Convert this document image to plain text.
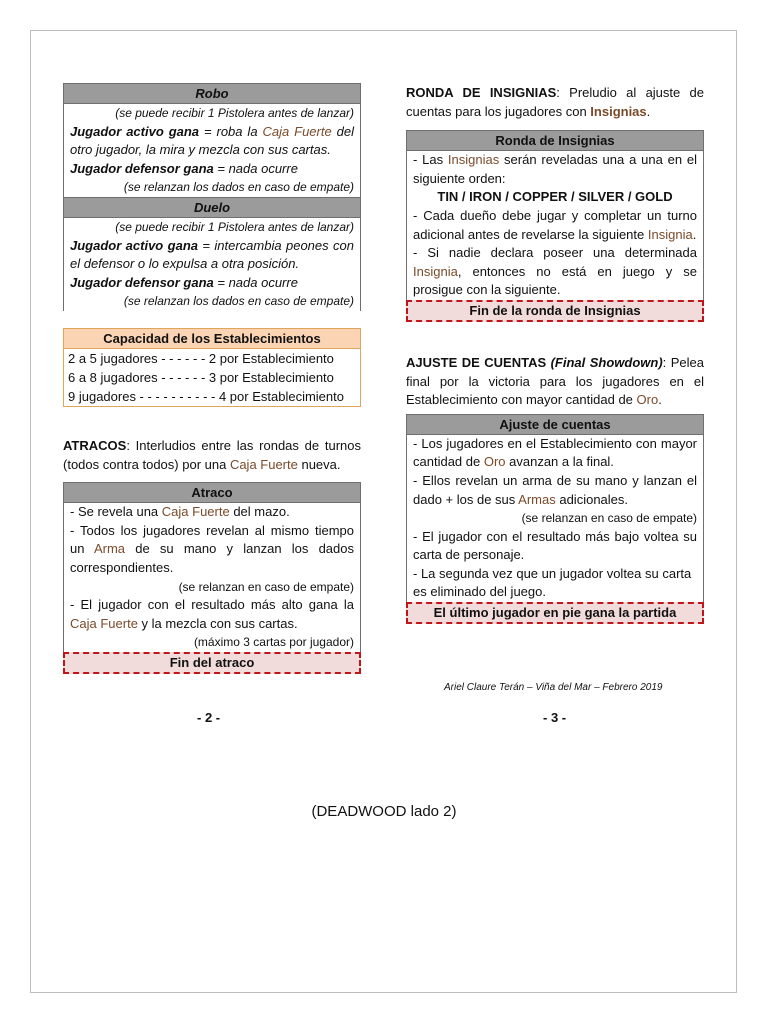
Robo
(se puede recibir 1 Pistolera antes de lanzar)
Jugador activo gana = roba la Caja Fuerte del otro jugador, la mira y mezcla con sus cartas.
Jugador defensor gana = nada ocurre
(se relanzan los dados en caso de empate)
Duelo
(se puede recibir 1 Pistolera antes de lanzar)
Jugador activo gana = intercambia peones con el defensor o lo expulsa a otra posición.
Jugador defensor gana = nada ocurre
(se relanzan los dados en caso de empate)
Capacidad de los Establecimientos
2 a 5 jugadores - - - - - - 2 por Establecimiento
6 a 8 jugadores - - - - - - 3 por Establecimiento
9 jugadores - - - - - - - - - - 4 por Establecimiento
ATRACOS: Interludios entre las rondas de turnos (todos contra todos) por una Caja Fuerte nueva.
Atraco
- Se revela una Caja Fuerte del mazo.
- Todos los jugadores revelan al mismo tiempo un Arma de su mano y lanzan los dados correspondientes.
(se relanzan en caso de empate)
- El jugador con el resultado más alto gana la Caja Fuerte y la mezcla con sus cartas.
(máximo 3 cartas por jugador)
Fin del atraco
- 2 -
RONDA DE INSIGNIAS: Preludio al ajuste de cuentas para los jugadores con Insignias.
Ronda de Insignias
- Las Insignias serán reveladas una a una en el siguiente orden:
TIN / IRON / COPPER / SILVER / GOLD
- Cada dueño debe jugar y completar un turno adicional antes de revelarse la siguiente Insignia.
- Si nadie declara poseer una determinada Insignia, entonces no está en juego y se prosigue con la siguiente.
Fin de la ronda de Insignias
AJUSTE DE CUENTAS (Final Showdown): Pelea final por la victoria para los jugadores en el Establecimiento con mayor cantidad de Oro.
Ajuste de cuentas
- Los jugadores en el Establecimiento con mayor cantidad de Oro avanzan a la final.
- Ellos revelan un arma de su mano y lanzan el dado + los de sus Armas adicionales.
(se relanzan en caso de empate)
- El jugador con el resultado más bajo voltea su carta de personaje.
- La segunda vez que un jugador voltea su carta es eliminado del juego.
El último jugador en pie gana la partida
Ariel Claure Terán – Viña del Mar – Febrero 2019
- 3 -
(DEADWOOD lado 2)
